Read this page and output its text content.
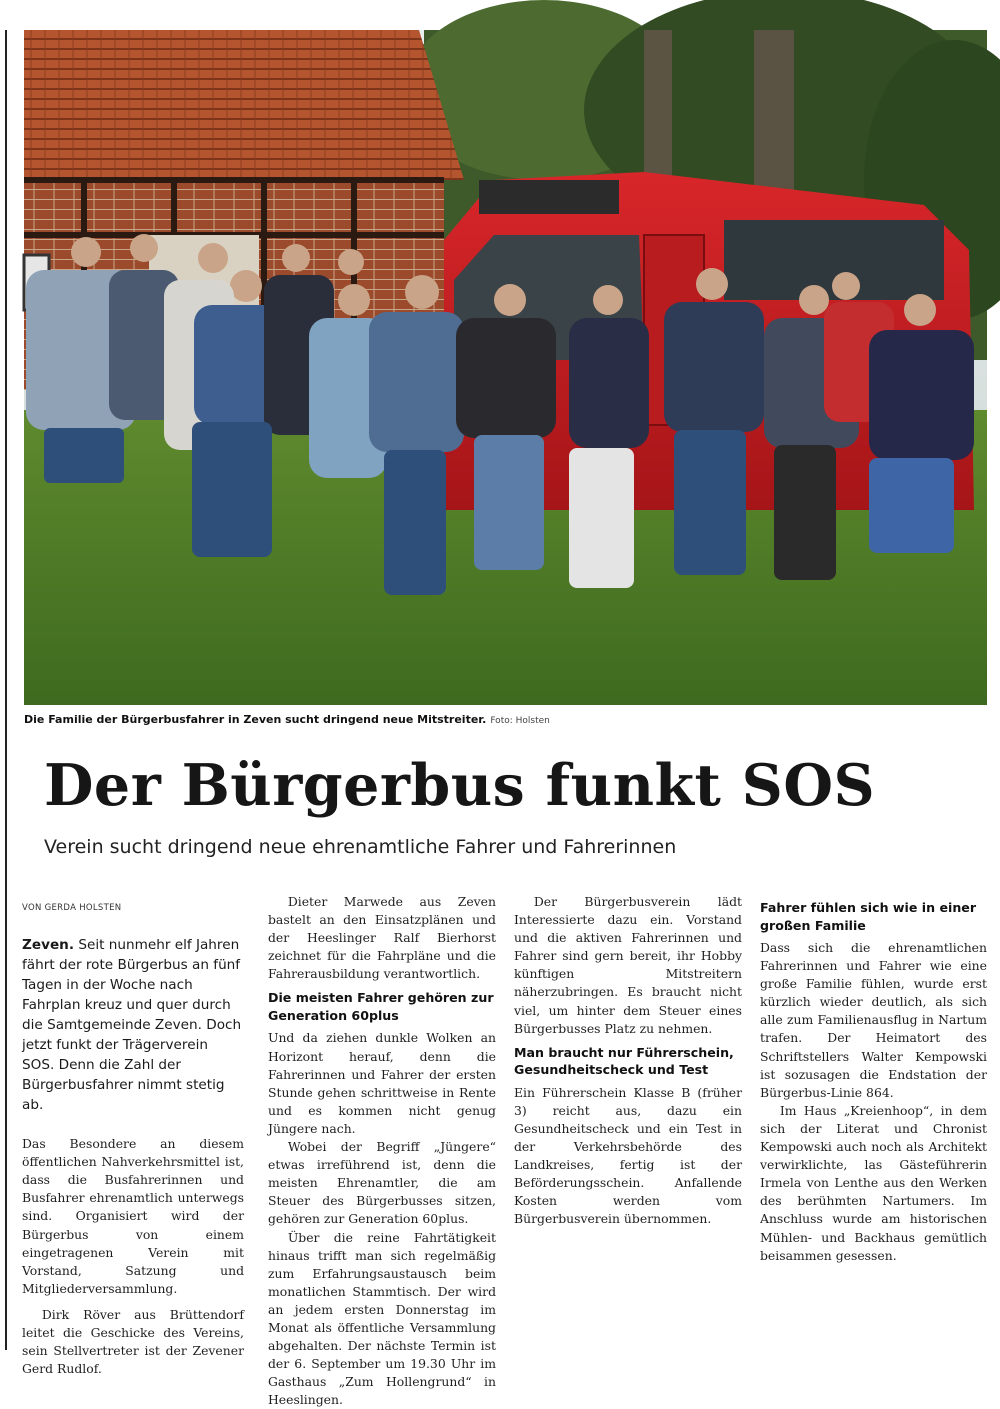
Die Familie der Bürgerbusfahrer in Zeven sucht dringend neue Mitstreiter. Foto: Holsten
Der Bürgerbus funkt SOS
Verein sucht dringend neue ehrenamtliche Fahrer und Fahrerinnen
VON GERDA HOLSTEN

Zeven. Seit nunmehr elf Jahren fährt der rote Bürgerbus an fünf Tagen in der Woche nach Fahrplan kreuz und quer durch die Samtgemeinde Zeven. Doch jetzt funkt der Trägerverein SOS. Denn die Zahl der Bürgerbusfahrer nimmt stetig ab.

Das Besondere an diesem öffentlichen Nahverkehrsmittel ist, dass die Busfahrerinnen und Busfahrer ehrenamtlich unterwegs sind. Organisiert wird der Bürgerbus von einem eingetragenen Verein mit Vorstand, Satzung und Mitgliederversammlung.

Dirk Röver aus Brüttendorf leitet die Geschicke des Vereins, sein Stellvertreter ist der Zevener Gerd Rudlof.

Dieter Marwede aus Zeven bastelt an den Einsatzplänen und der Heeslinger Ralf Bierhorst zeichnet für die Fahrpläne und die Fahrerausbildung verantwortlich.

Die meisten Fahrer gehören zur Generation 60plus

Und da ziehen dunkle Wolken an Horizont herauf, denn die Fahrerinnen und Fahrer der ersten Stunde gehen schrittweise in Rente und es kommen nicht genug Jüngere nach.

Wobei der Begriff „Jüngere“ etwas irreführend ist, denn die meisten Ehrenamtler, die am Steuer des Bürgerbusses sitzen, gehören zur Generation 60plus.

Über die reine Fahrtätigkeit hinaus trifft man sich regelmäßig zum Erfahrungsaustausch beim monatlichen Stammtisch. Der wird an jedem ersten Donnerstag im Monat als öffentliche Versammlung abgehalten. Der nächste Termin ist der 6. September um 19.30 Uhr im Gasthaus „Zum Hollengrund“ in Heeslingen.

Der Bürgerbusverein lädt Interessierte dazu ein. Vorstand und die aktiven Fahrerinnen und Fahrer sind gern bereit, ihr Hobby künftigen Mitstreitern näherzubringen. Es braucht nicht viel, um hinter dem Steuer eines Bürgerbusses Platz zu nehmen.

Man braucht nur Führerschein, Gesundheitscheck und Test

Ein Führerschein Klasse B (früher 3) reicht aus, dazu ein Gesundheitscheck und ein Test in der Verkehrsbehörde des Landkreises, fertig ist der Beförderungsschein. Anfallende Kosten werden vom Bürgerbusverein übernommen.

Fahrer fühlen sich wie in einer großen Familie

Dass sich die ehrenamtlichen Fahrerinnen und Fahrer wie eine große Familie fühlen, wurde erst kürzlich wieder deutlich, als sich alle zum Familienausflug in Nartum trafen. Der Heimatort des Schriftstellers Walter Kempowski ist sozusagen die Endstation der Bürgerbus-Linie 864.

Im Haus „Kreienhoop“, in dem sich der Literat und Chronist Kempowski auch noch als Architekt verwirklichte, las Gästeführerin Irmela von Lenthe aus den Werken des berühmten Nartumers. Im Anschluss wurde am historischen Mühlen- und Backhaus gemütlich beisammen gesessen.
